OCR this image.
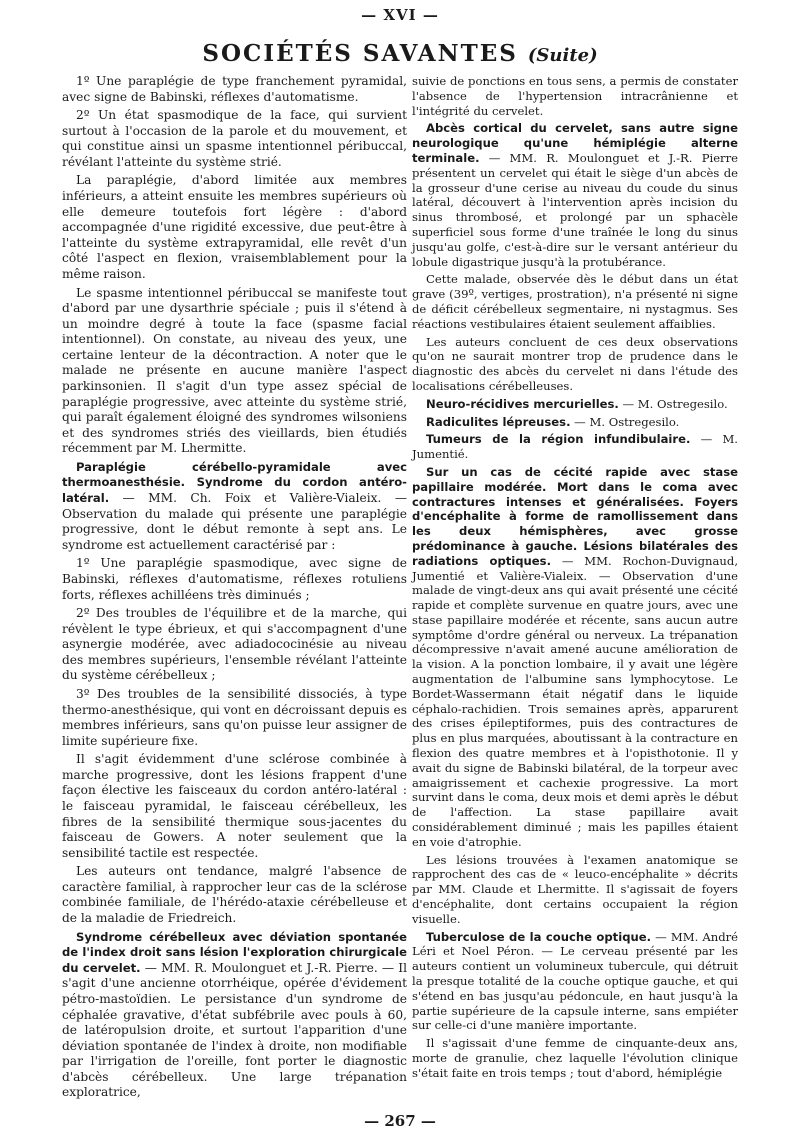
— XVI —
SOCIÉTÉS SAVANTES (Suite)

1º Une paraplégie de type franchement pyramidal, avec signe de Babinski, réflexes d'automatisme.

2º Un état spasmodique de la face, qui survient surtout à l'occasion de la parole et du mouvement, et qui constitue ainsi un spasme intentionnel péribuccal, révélant l'atteinte du système strié.

La paraplégie, d'abord limitée aux membres inférieurs, a atteint ensuite les membres supérieurs où elle demeure toutefois fort légère : d'abord accompagnée d'une rigidité excessive, due peut-être à l'atteinte du système extrapyramidal, elle revêt d'un côté l'aspect en flexion, vraisemblablement pour la même raison.

Le spasme intentionnel péribuccal se manifeste tout d'abord par une dysarthrie spéciale ; puis il s'étend à un moindre degré à toute la face (spasme facial intentionnel). On constate, au niveau des yeux, une certaine lenteur de la décontraction. A noter que le malade ne présente en aucune manière l'aspect parkinsonien. Il s'agit d'un type assez spécial de paraplégie progressive, avec atteinte du système strié, qui paraît également éloigné des syndromes wilsoniens et des syndromes striés des vieillards, bien étudiés récemment par M. Lhermitte.

Paraplégie cérébello-pyramidale avec thermoanesthésie. Syndrome du cordon antéro-latéral. — MM. Ch. Foix et Valière-Vialeix. — Observation du malade qui présente une paraplégie progressive, dont le début remonte à sept ans. Le syndrome est actuellement caractérisé par :

1º Une paraplégie spasmodique, avec signe de Babinski, réflexes d'automatisme, réflexes rotuliens forts, réflexes achilléens très diminués ;

2º Des troubles de l'équilibre et de la marche, qui révèlent le type ébrieux, et qui s'accompagnent d'une asynergie modérée, avec adiadococinésie au niveau des membres supérieurs, l'ensemble révélant l'atteinte du système cérébelleux ;

3º Des troubles de la sensibilité dissociés, à type thermo-anesthésique, qui vont en décroissant depuis es membres inférieurs, sans qu'on puisse leur assigner de limite supérieure fixe.

Il s'agit évidemment d'une sclérose combinée à marche progressive, dont les lésions frappent d'une façon élective les faisceaux du cordon antéro-latéral : le faisceau pyramidal, le faisceau cérébelleux, les fibres de la sensibilité thermique sous-jacentes du faisceau de Gowers. A noter seulement que la sensibilité tactile est respectée.

Les auteurs ont tendance, malgré l'absence de caractère familial, à rapprocher leur cas de la sclérose combinée familiale, de l'hérédo-ataxie cérébelleuse et de la maladie de Friedreich.

Syndrome cérébelleux avec déviation spontanée de l'index droit sans lésion l'exploration chirurgicale du cervelet. — MM. R. Moulonguet et J.-R. Pierre. — Il s'agit d'une ancienne otorrhéique, opérée d'évidement pétro-mastoïdien. Le persistance d'un syndrome de céphalée gravative, d'état subfébrile avec pouls à 60, de latéropulsion droite, et surtout l'apparition d'une déviation spontanée de l'index à droite, non modifiable par l'irrigation de l'oreille, font porter le diagnostic d'abcès cérébelleux. Une large trépanation exploratrice,

suivie de ponctions en tous sens, a permis de constater l'absence de l'hypertension intracrânienne et l'intégrité du cervelet.

Abcès cortical du cervelet, sans autre signe neurologique qu'une hémiplégie alterne terminale. — MM. R. Moulonguet et J.-R. Pierre présentent un cervelet qui était le siège d'un abcès de la grosseur d'une cerise au niveau du coude du sinus latéral, découvert à l'intervention après incision du sinus thrombosé, et prolongé par un sphacèle superficiel sous forme d'une traînée le long du sinus jusqu'au golfe, c'est-à-dire sur le versant antérieur du lobule digastrique jusqu'à la protubérance.

Cette malade, observée dès le début dans un état grave (39º, vertiges, prostration), n'a présenté ni signe de déficit cérébelleux segmentaire, ni nystagmus. Ses réactions vestibulaires étaient seulement affaiblies.

Les auteurs concluent de ces deux observations qu'on ne saurait montrer trop de prudence dans le diagnostic des abcès du cervelet ni dans l'étude des localisations cérébelleuses.

Neuro-récidives mercurielles. — M. Ostregesilo.

Radiculites lépreuses. — M. Ostregesilo.

Tumeurs de la région infundibulaire. — M. Jumentié.

Sur un cas de cécité rapide avec stase papillaire modérée. Mort dans le coma avec contractures intenses et généralisées. Foyers d'encéphalite à forme de ramollissement dans les deux hémisphères, avec grosse prédominance à gauche. Lésions bilatérales des radiations optiques. — MM. Rochon-Duvignaud, Jumentié et Valière-Vialeix. — Observation d'une malade de vingt-deux ans qui avait présenté une cécité rapide et complète survenue en quatre jours, avec une stase papillaire modérée et récente, sans aucun autre symptôme d'ordre général ou nerveux. La trépanation décompressive n'avait amené aucune amélioration de la vision. A la ponction lombaire, il y avait une légère augmentation de l'albumine sans lymphocytose. Le Bordet-Wassermann était négatif dans le liquide céphalo-rachidien. Trois semaines après, apparurent des crises épileptiformes, puis des contractures de plus en plus marquées, aboutissant à la contracture en flexion des quatre membres et à l'opisthotonie. Il y avait du signe de Babinski bilatéral, de la torpeur avec amaigrissement et cachexie progressive. La mort survint dans le coma, deux mois et demi après le début de l'affection. La stase papillaire avait considérablement diminué ; mais les papilles étaient en voie d'atrophie.

Les lésions trouvées à l'examen anatomique se rapprochent des cas de « leuco-encéphalite » décrits par MM. Claude et Lhermitte. Il s'agissait de foyers d'encéphalite, dont certains occupaient la région visuelle.

Tuberculose de la couche optique. — MM. André Léri et Noel Péron. — Le cerveau présenté par les auteurs contient un volumineux tubercule, qui détruit la presque totalité de la couche optique gauche, et qui s'étend en bas jusqu'au pédoncule, en haut jusqu'à la partie supérieure de la capsule interne, sans empiéter sur celle-ci d'une manière importante.

Il s'agissait d'une femme de cinquante-deux ans, morte de granulie, chez laquelle l'évolution clinique s'était faite en trois temps ; tout d'abord, hémiplégie

— 267 —
